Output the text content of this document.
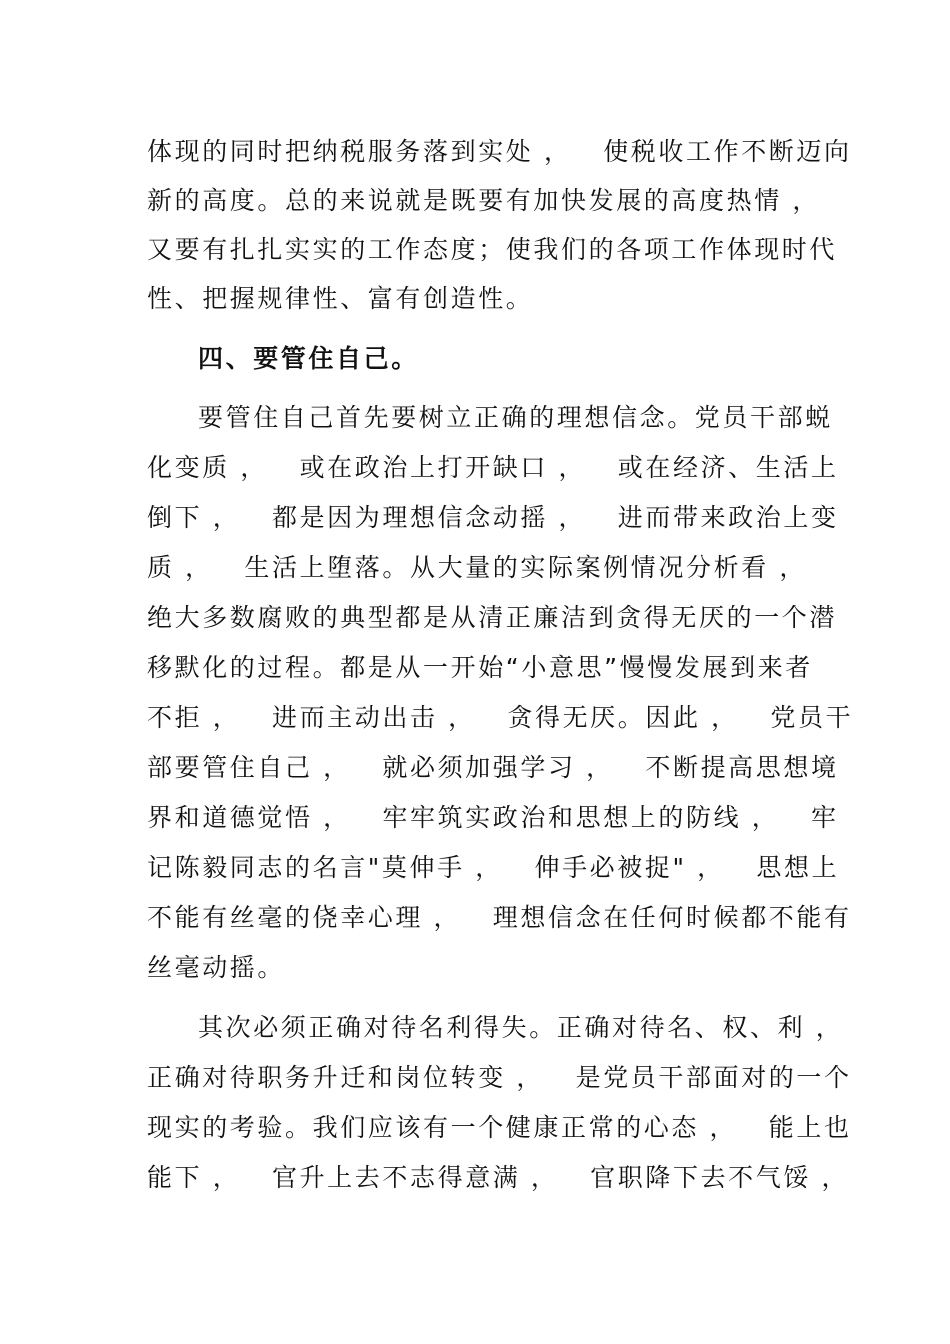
体现的同时把纳税服务落到实处 ，   使税收工作不断迈向
新的高度。总的来说就是既要有加快发展的高度热情 ，
又要有扎扎实实的工作态度；使我们的各项工作体现时代
性、把握规律性、富有创造性。
四、要管住自己。
要管住自己首先要树立正确的理想信念。党员干部蜕
化变质 ，   或在政治上打开缺口 ，   或在经济、生活上
倒下 ，   都是因为理想信念动摇 ，   进而带来政治上变
质 ，   生活上堕落。从大量的实际案例情况分析看 ，
绝大多数腐败的典型都是从清正廉洁到贪得无厌的一个潜
移默化的过程。都是从一开始“小意思”慢慢发展到来者
不拒 ，   进而主动出击 ，   贪得无厌。因此 ，   党员干
部要管住自己 ，   就必须加强学习 ，   不断提高思想境
界和道德觉悟 ，   牢牢筑实政治和思想上的防线 ，   牢
记陈毅同志的名言"莫伸手 ，   伸手必被捉" ，   思想上
不能有丝毫的侥幸心理 ，   理想信念在任何时候都不能有
丝毫动摇。
其次必须正确对待名利得失。正确对待名、权、利 ，
正确对待职务升迁和岗位转变 ，   是党员干部面对的一个
现实的考验。我们应该有一个健康正常的心态 ，   能上也
能下 ，   官升上去不志得意满 ，   官职降下去不气馁 ，
